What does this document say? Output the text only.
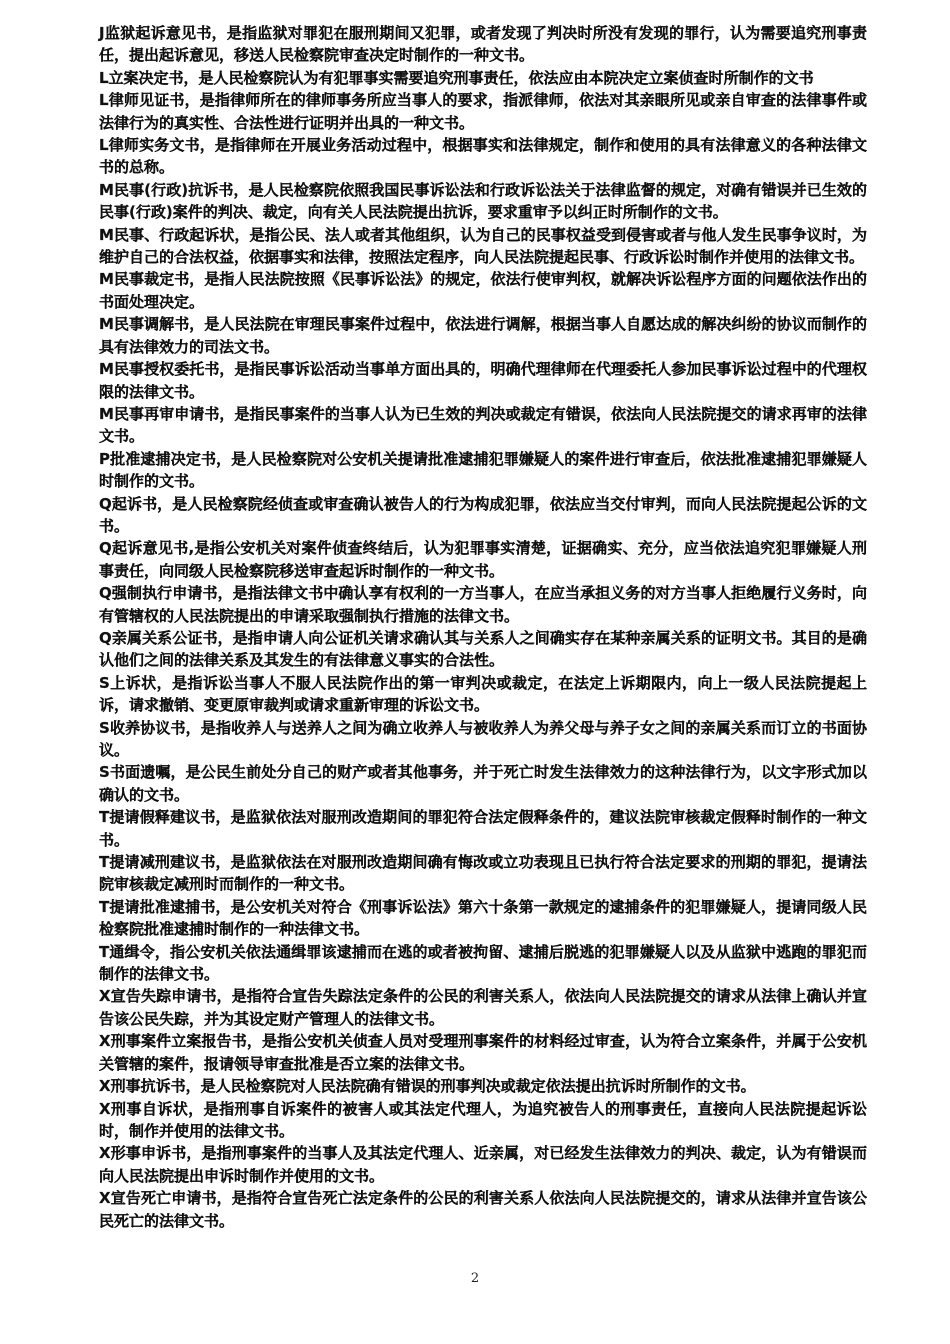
J监狱起诉意见书，是指监狱对罪犯在服刑期间又犯罪，或者发现了判决时所没有发现的罪行，认为需要追究刑事责任，提出起诉意见，移送人民检察院审查决定时制作的一种文书。

L立案决定书，是人民检察院认为有犯罪事实需要追究刑事责任，依法应由本院决定立案侦查时所制作的文书

L律师见证书，是指律师所在的律师事务所应当事人的要求，指派律师，依法对其亲眼所见或亲自审查的法律事件或法律行为的真实性、合法性进行证明并出具的一种文书。

L律师实务文书，是指律师在开展业务活动过程中，根据事实和法律规定，制作和使用的具有法律意义的各种法律文书的总称。

M民事(行政)抗诉书，是人民检察院依照我国民事诉讼法和行政诉讼法关于法律监督的规定，对确有错误并已生效的民事(行政)案件的判决、裁定，向有关人民法院提出抗诉，要求重审予以纠正时所制作的文书。

M民事、行政起诉状，是指公民、法人或者其他组织，认为自己的民事权益受到侵害或者与他人发生民事争议时，为维护自己的合法权益，依据事实和法律，按照法定程序，向人民法院提起民事、行政诉讼时制作并使用的法律文书。

M民事裁定书，是指人民法院按照《民事诉讼法》的规定，依法行使审判权，就解决诉讼程序方面的问题依法作出的书面处理决定。

M民事调解书，是人民法院在审理民事案件过程中，依法进行调解，根据当事人自愿达成的解决纠纷的协议而制作的具有法律效力的司法文书。

M民事授权委托书，是指民事诉讼活动当事单方面出具的，明确代理律师在代理委托人参加民事诉讼过程中的代理权限的法律文书。

M民事再审申请书，是指民事案件的当事人认为已生效的判决或裁定有错误，依法向人民法院提交的请求再审的法律文书。

P批准逮捕决定书，是人民检察院对公安机关提请批准逮捕犯罪嫌疑人的案件进行审查后，依法批准逮捕犯罪嫌疑人时制作的文书。

Q起诉书，是人民检察院经侦查或审查确认被告人的行为构成犯罪，依法应当交付审判，而向人民法院提起公诉的文书。

Q起诉意见书,是指公安机关对案件侦查终结后，认为犯罪事实清楚，证据确实、充分，应当依法追究犯罪嫌疑人刑事责任，向同级人民检察院移送审查起诉时制作的一种文书。

Q强制执行申请书，是指法律文书中确认享有权利的一方当事人，在应当承担义务的对方当事人拒绝履行义务时，向有管辖权的人民法院提出的申请采取强制执行措施的法律文书。

Q亲属关系公证书，是指申请人向公证机关请求确认其与关系人之间确实存在某种亲属关系的证明文书。其目的是确认他们之间的法律关系及其发生的有法律意义事实的合法性。

S上诉状，是指诉讼当事人不服人民法院作出的第一审判决或裁定，在法定上诉期限内，向上一级人民法院提起上诉，请求撤销、变更原审裁判或请求重新审理的诉讼文书。

S收养协议书，是指收养人与送养人之间为确立收养人与被收养人为养父母与养子女之间的亲属关系而订立的书面协议。

S书面遗嘱，是公民生前处分自己的财产或者其他事务，并于死亡时发生法律效力的这种法律行为，以文字形式加以确认的文书。

T提请假释建议书，是监狱依法对服刑改造期间的罪犯符合法定假释条件的，建议法院审核裁定假释时制作的一种文书。

T提请减刑建议书，是监狱依法在对服刑改造期间确有悔改或立功表现且已执行符合法定要求的刑期的罪犯，提请法院审核裁定减刑时而制作的一种文书。

T提请批准逮捕书，是公安机关对符合《刑事诉讼法》第六十条第一款规定的逮捕条件的犯罪嫌疑人，提请同级人民检察院批准逮捕时制作的一种法律文书。

T通缉令，指公安机关依法通缉罪该逮捕而在逃的或者被拘留、逮捕后脱逃的犯罪嫌疑人以及从监狱中逃跑的罪犯而制作的法律文书。

X宣告失踪申请书，是指符合宣告失踪法定条件的公民的利害关系人，依法向人民法院提交的请求从法律上确认并宣告该公民失踪，并为其设定财产管理人的法律文书。

X刑事案件立案报告书，是指公安机关侦查人员对受理刑事案件的材料经过审查，认为符合立案条件，并属于公安机关管辖的案件，报请领导审查批准是否立案的法律文书。

X刑事抗诉书，是人民检察院对人民法院确有错误的刑事判决或裁定依法提出抗诉时所制作的文书。

X刑事自诉状，是指刑事自诉案件的被害人或其法定代理人，为追究被告人的刑事责任，直接向人民法院提起诉讼时，制作并使用的法律文书。

X形事申诉书，是指刑事案件的当事人及其法定代理人、近亲属，对已经发生法律效力的判决、裁定，认为有错误而向人民法院提出申诉时制作并使用的文书。

X宣告死亡申请书，是指符合宣告死亡法定条件的公民的利害关系人依法向人民法院提交的，请求从法律并宣告该公民死亡的法律文书。

2
